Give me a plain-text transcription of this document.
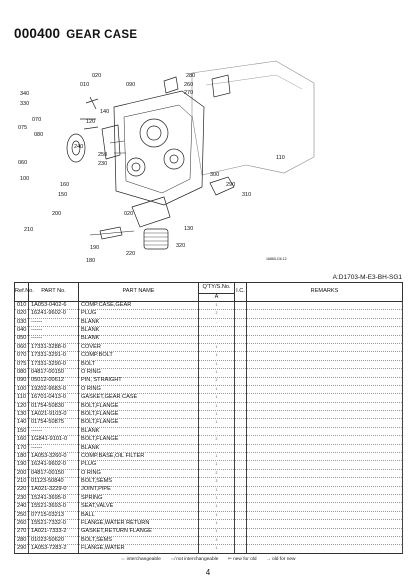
000400 GEAR CASE
020
010	090
280
260
270
340
330
140
070	120
075
080
240
250
230
110
060
100
300
290
160
150	310
130
200	020
210
320
190
220
180	16860-Dil-12
A:D1703-M-E3-BH-SG1
Ref.No.	PART No.	PART NAME	Q'TY/S.No.	I.C.	REMARKS
			A		
010	1A053-0402-6	COMP.CASE,GEAR	1		
020	16241-9602-0	PLUG	2		
030	------	BLANK	-		
040	------	BLANK	-		
050	------	BLANK	-		
060	17331-3288-0	COVER	1		
070	17331-3291-0	COMP.BOLT	1		
075	17331-3290-0	BOLT	1		
080	04817-00150	O RING	1		
090	05012-00612	PIN, STRAIGHT	2		
100	19202-9683-0	O RING	1		
110	16701-0413-0	GASKET,GEAR CASE	1		
120	01754-50830	BOLT,FLANGE	1		
130	1A021-9103-0	BOLT,FLANGE	1		
140	01754-50875	BOLT,FLANGE	1		
150	------	BLANK	-		
160	1G841-9101-0	BOLT,FLANGE	2		
170	------	BLANK	-		
180	1A053-3260-0	COMP.BASE,OIL FILTER	1		
190	16241-9602-0	PLUG	1		
200	04817-00150	O RING	2		
210	01123-50840	BOLT,SEMS	3		
220	1A021-3229-0	JOINT,PIPE	1		
230	15241-3695-0	SPRING	1		
240	15521-3693-0	SEAT,VALVE	1		
250	07715-03213	BALL	1		
260	15521-7332-0	FLANGE,WATER RETURN	1		
270	1A021-7333-2	GASKET,RETURN FLANGE	1		
280	01023-50620	BOLT,SEMS	3		
290	1A053-7283-2	FLANGE,WATER	1		
⇔ interchangeable ⇎ not interchangeable ⇐ new for old → old for new
4
